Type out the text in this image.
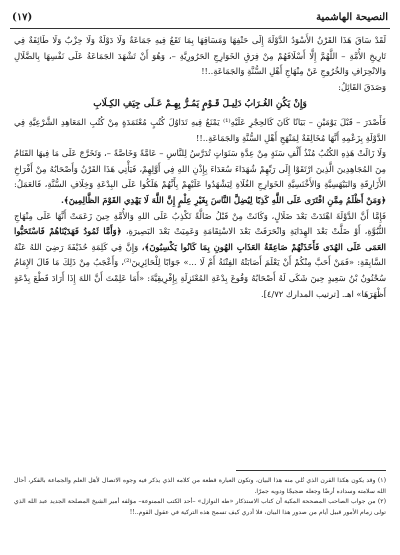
النصيحة الهاشمية
(١٧)

لَقَدْ سَاقَ هَذَا القَرْنُ الأَسْوَدُ الدَّوْلَةَ إِلَى حَتْفِهَا وَمَسَاقِهَا بِمَا تَقَعُ فِيهِ جَمَاعَةٌ وَلَا دَوْلَةٌ وَلَا حِزْبٌ وَلَا طَائِفَةٌ فِي تَارِيخِ الأُمَّةِ – اللَّهُمَّ إِلَّا أَسْلَافَهُمْ مِنْ فِرَقِ الخَوَارِجِ الحَرُورِيَّةِ –، وَهُوَ أَنْ تَشْهَدَ الجَمَاعَةُ عَلَى نَفْسِهَا بِالضَّلَالِ وَالانْحِرَافِ وَالخُرُوجِ عَنْ مِنْهَاجِ أَهْلِ السُّنَّةِ وَالجَمَاعَةِ..!!

وَصَدَقَ القَائِلُ:

وَإِنْ يَكُنِ الغُـرَابُ دَلِيـلَ قَـوْمٍ يَمُـرُّ بِهِـمْ عَـلَى جِيَفِ الكِـلَابِ

فَأَصْدَرَ – قَبْلَ يَوْمَيْنِ – بَيَانًا كَانَ كَالحِجْرِ عَلَيْهِ⁽¹⁾ يَمْنَعُ فِيهِ تَدَاوُلَ كُتُبٍ مُعْتَمَدَةٍ مِنْ كُتُبِ المَعَاهِدِ الشَّرْعِيَّةِ فِي الدَّوْلَةِ بِزَعْمِهِ أَنَّهَا مُخَالِفَةٌ لِمَنْهَجِ أَهْلِ السُّنَّةِ وَالجَمَاعَةِ..!!

وَلَا زَالَتْ هَذِهِ الكُتُبُ مُنْذُ أَلْفِ سَنَةٍ مِنْ عِدَّةِ سَنَوَاتٍ تُدَرَّسُ لِلنَّاسِ – عَامَّةً وَخَاصَّةً –، وَتَخَرَّجَ عَلَى مَا فِيهَا القَتَامُ مِنَ المُجَاهِدِينَ الَّذِينَ ارْتَقَوْا إِلَى رَبِّهِمْ شُهَدَاءَ سُعَدَاءَ بِإِذْنِ اللهِ فِي أَوَّلِهِمْ، فَيَأْتِي هَذَا القَرْنُ وَأَصْحَابُهُ مِنْ أَفْرَاخِ الأَزَارِقَةِ وَالبَيْهَسِيَّةِ وَالأَخْنَسِيَّةِ الخَوَارِجِ الغُلَاةِ لِيَشْهَدُوا عَلَيْهِمْ بِأَنَّهُمْ هَلَكُوا عَلَى البِدْعَةِ وَخِلَافِ السُّنَّةِ، فَالعَمَلُ: ﴿وَمَنْ أَظْلَمُ مِمَّنِ افْتَرَى عَلَى اللَّهِ كَذِبًا لِيُضِلَّ النَّاسَ بِغَيْرِ عِلْمٍ إِنَّ اللَّهَ لَا يَهْدِي القَوْمَ الظَّالِمِينَ﴾.

فَإِمَّا أَنَّ الدَّوْلَةَ اهْتَدَتْ بَعْدَ ضَلَالٍ، وَكَانَتْ مِنْ قَبْلُ ضَالَّةً تَكْذِبُ عَلَى اللهِ وَالأُمَّةِ حِينَ زَعَمَتْ أَنَّهَا عَلَى مِنْهَاجِ النُّبُوَّةِ، أَوْ ضَلَّتْ بَعْدَ الهِدَايَةِ وَانْحَرَفَتْ بَعْدَ الاسْتِقَامَةِ وَعَمِيَتْ بَعْدَ البَصِيرَةِ، ﴿وَأَمَّا ثَمُودُ فَهَدَيْنَاهُمْ فَاسْتَحَبُّوا العَمَى عَلَى الهُدَى فَأَخَذَتْهُمْ صَاعِقَةُ العَذَابِ الهُونِ بِمَا كَانُوا يَكْسِبُونَ﴾، وَإِنَّ فِي كَلِمَةِ حُذَيْفَةَ رَضِيَ اللهُ عَنْهُ السَّابِقَةِ: «فَمَنْ أَحَبَّ مِنْكُمْ أَنْ يَعْلَمَ أَصَابَتْهُ الفِتْنَةُ أَمْ لَا ...» جَوَابًا لِلْحَائِرِينَ⁽²⁾، وَأَعْجَبُ مِنْ ذَلِكَ مَا قَالَ الإِمَامُ سُحْنُونُ بْنُ سَعِيدٍ حِينَ شَكَى لَهُ أَصْحَابُهُ وَقُوعَ بِدْعَةِ المُعْتَزِلَةِ بِإِفْرِيقِيَّةَ: «أَمَا عَلِمْتَ أَنَّ اللهَ إِذَا أَرَادَ قَطْعَ بِدْعَةٍ أَظْهَرَهَا» اهـ. [ترتيب المدارك ٤/٧٢].

(١) وقد يكون هكذا القرن الذي تُلي منه هذا البيان، وتكون العبارة قطعة من كلامه الذي يذكر فيه وجوه الاتصال لأهل العلم والجماعة بالفكر، أحال الله سلامته وسداده أرضًا وجعله ضجيجًا ودويه جمرًا.

(٢) من جواب الصاحب المصححة المكية أن كتاب الاستذكار «طه النوازل» –أحد الكتب الممنوعة– مؤلفه أمير الشيخ المصلحة الجديد عبد الله الذي تولى زمام الأمور قبيل أيام من صدور هذا البيان، فلا أدري كيف تسمح هذه التركية في عقول القوم..!!
